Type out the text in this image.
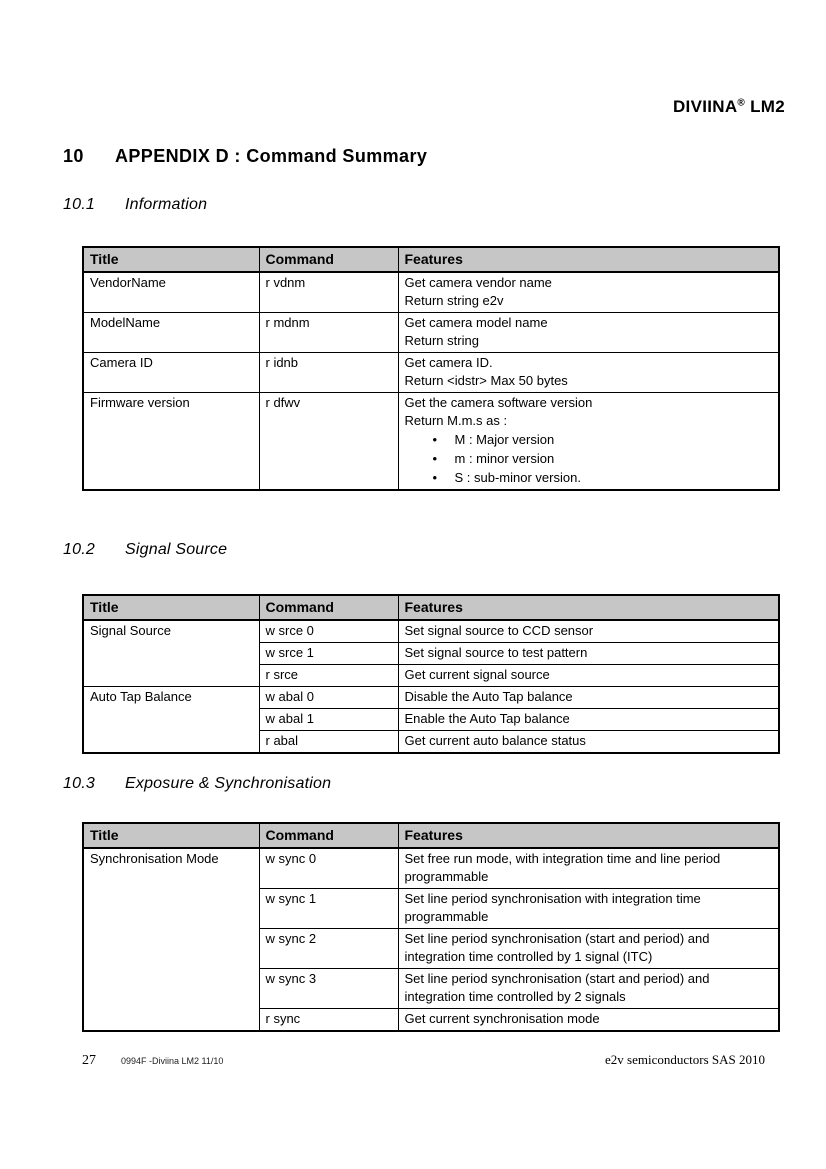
DIVIINA® LM2
10 APPENDIX D : Command Summary
10.1 Information
Title	Command	Features
VendorName	r vdnm	Get camera vendor name
Return string e2v

ModelName	r mdnm	Get camera model name
Return string

Camera ID	r idnb	Get camera ID.
Return <idstr> Max 50 bytes

Firmware version	r dfwv	Get the camera software version
Return M.m.s as :
• M : Major version
• m : minor version
• S : sub-minor version.
10.2 Signal Source
Title	Command	Features
Signal Source	w srce 0	Set signal source to CCD sensor

	w srce 1	Set signal source to test pattern

	r srce	Get current signal source

Auto Tap Balance	w abal 0	Disable the Auto Tap balance

	w abal 1	Enable the Auto Tap balance

	r abal	Get current auto balance status
10.3 Exposure & Synchronisation
Title	Command	Features
Synchronisation Mode	w sync 0	Set free run mode, with integration time and line period programmable

	w sync 1	Set line period synchronisation with integration time programmable

	w sync 2	Set line period synchronisation (start and period) and integration time controlled by 1 signal (ITC)

	w sync 3	Set line period synchronisation (start and period) and integration time controlled by 2 signals

	r sync	Get current synchronisation mode
27	0994F -Diviina LM2 11/10	e2v semiconductors SAS 2010
